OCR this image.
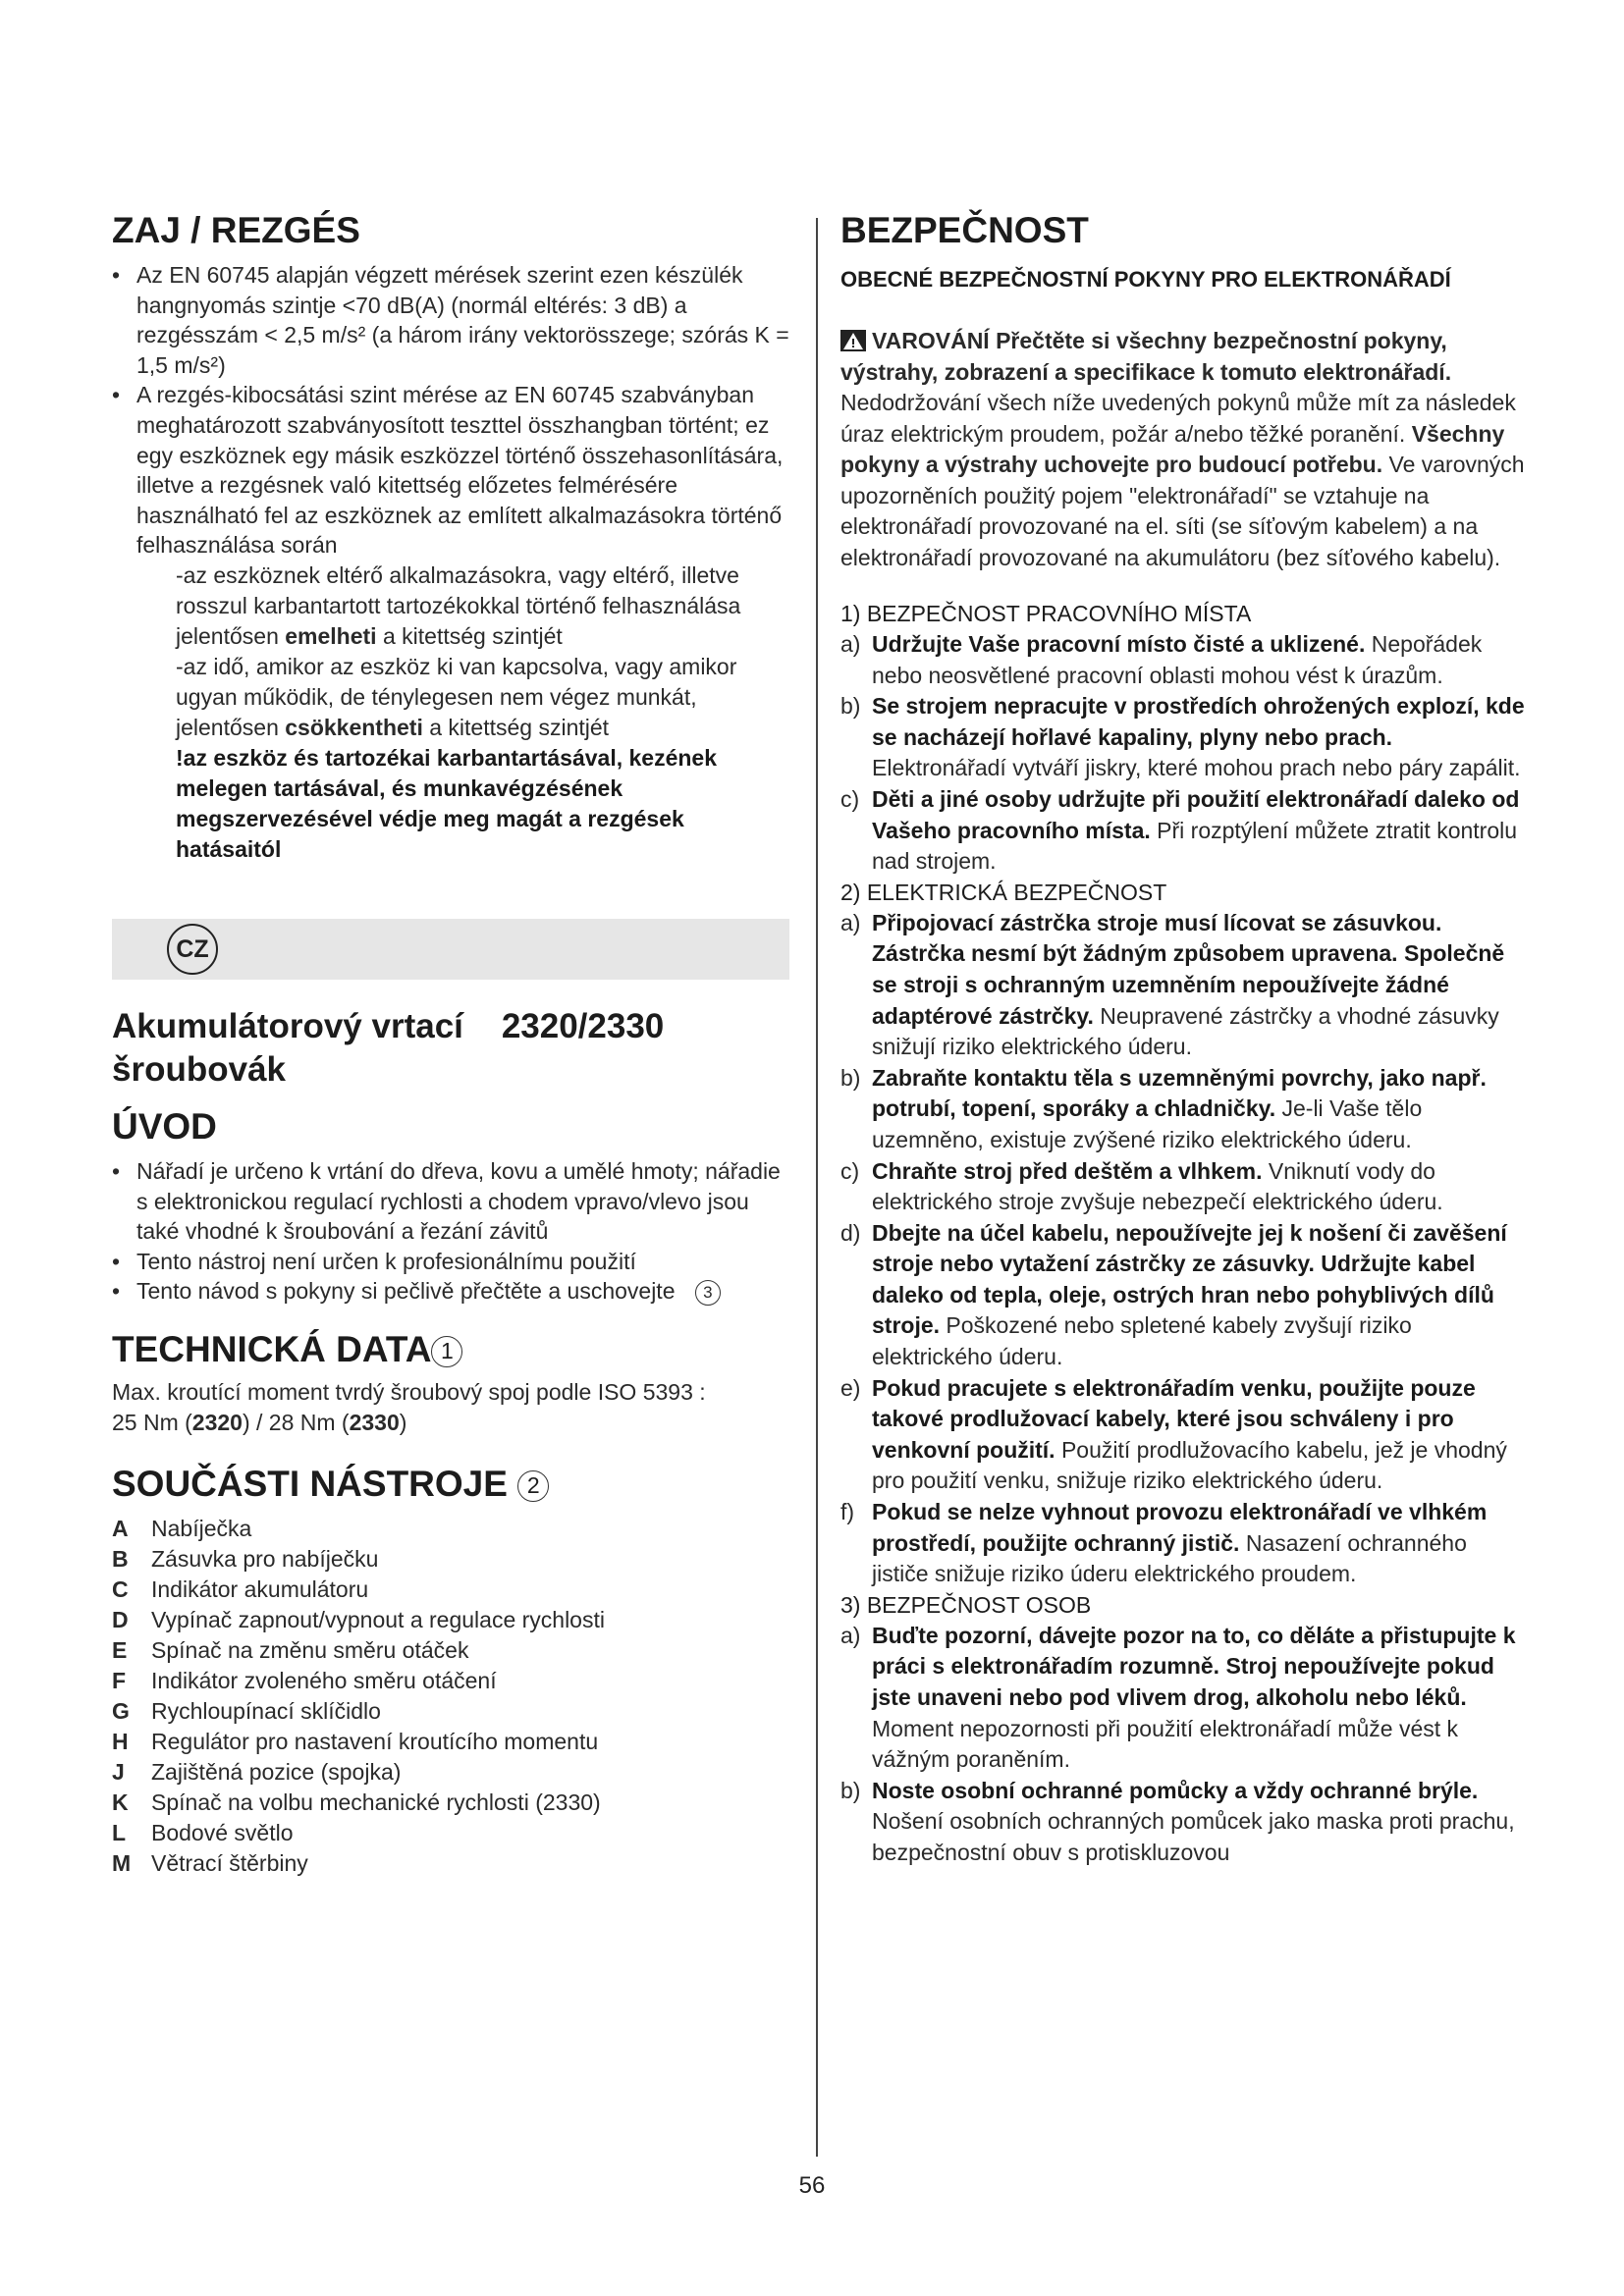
ZAJ / REZGÉS
• Az EN 60745 alapján végzett mérések szerint ezen készülék hangnyomás szintje <70 dB(A) (normál eltérés: 3 dB) a rezgésszám < 2,5 m/s² (a három irány vektorösszege; szórás K = 1,5 m/s²)
• A rezgés-kibocsátási szint mérése az EN 60745 szabványban meghatározott szabványosított teszttel összhangban történt; ez egy eszköznek egy másik eszközzel történő összehasonlítására, illetve a rezgésnek való kitettség előzetes felmérésére használható fel az eszköznek az említett alkalmazásokra történő felhasználása során
-az eszköznek eltérő alkalmazásokra, vagy eltérő, illetve rosszul karbantartott tartozékokkal történő felhasználása jelentősen emelheti a kitettség szintjét
-az idő, amikor az eszköz ki van kapcsolva, vagy amikor ugyan működik, de ténylegesen nem végez munkát, jelentősen csökkentheti a kitettség szintjét
!az eszköz és tartozékai karbantartásával, kezének melegen tartásával, és munkavégzésének megszervezésével védje meg magát a rezgések hatásaitól
CZ
Akumulátorový vrtací 2320/2330
šroubovák
ÚVOD
• Nářadí je určeno k vrtání do dřeva, kovu a umělé hmoty; nářadie s elektronickou regulací rychlosti a chodem vpravo/vlevo jsou také vhodné k šroubování a řezání závitů
• Tento nástroj není určen k profesionálnímu použití
• Tento návod s pokyny si pečlivě přečtěte a uschovejte 3
TECHNICKÁ DATA 1
Max. kroutící moment tvrdý šroubový spoj podle ISO 5393 :
25 Nm (2320) / 28 Nm (2330)
SOUČÁSTI NÁSTROJE 2
A	Nabíječka
B	Zásuvka pro nabíječku
C	Indikátor akumulátoru
D	Vypínač zapnout/vypnout a regulace rychlosti
E	Spínač na změnu směru otáček
F	Indikátor zvoleného směru otáčení
G Rychloupínací sklíčidlo
H	Regulátor pro nastavení kroutícího momentu
J	Zajištěná pozice (spojka)
K	Spínač na volbu mechanické rychlosti (2330)
L	Bodové světlo
M Větrací štěrbiny
BEZPEČNOST
OBECNÉ BEZPEČNOSTNÍ POKYNY PRO ELEKTRONÁŘADÍ
VAROVÁNÍ Přečtěte si všechny bezpečnostní pokyny, výstrahy, zobrazení a specifikace k tomuto elektronářadí. Nedodržování všech níže uvedených pokynů může mít za následek úraz elektrickým proudem, požár a/nebo těžké poranění. Všechny pokyny a výstrahy uchovejte pro budoucí potřebu. Ve varovných upozorněních použitý pojem "elektronářadí" se vztahuje na elektronářadí provozované na el. síti (se síťovým kabelem) a na elektronářadí provozované na akumulátoru (bez síťového kabelu).
1) BEZPEČNOST PRACOVNÍHO MÍSTA
a) Udržujte Vaše pracovní místo čisté a uklizené. Nepořádek nebo neosvětlené pracovní oblasti mohou vést k úrazům.
b) Se strojem nepracujte v prostředích ohrožených explozí, kde se nacházejí hořlavé kapaliny, plyny nebo prach. Elektronářadí vytváří jiskry, které mohou prach nebo páry zapálit.
c) Děti a jiné osoby udržujte při použití elektronářadí daleko od Vašeho pracovního místa. Při rozptýlení můžete ztratit kontrolu nad strojem.
2) ELEKTRICKÁ BEZPEČNOST
a) Připojovací zástrčka stroje musí lícovat se zásuvkou. Zástrčka nesmí být žádným způsobem upravena. Společně se stroji s ochranným uzemněním nepoužívejte žádné adaptérové zástrčky. Neupravené zástrčky a vhodné zásuvky snižují riziko elektrického úderu.
b) Zabraňte kontaktu těla s uzemněnými povrchy, jako např. potrubí, topení, sporáky a chladničky. Je-li Vaše tělo uzemněno, existuje zvýšené riziko elektrického úderu.
c) Chraňte stroj před deštěm a vlhkem. Vniknutí vody do elektrického stroje zvyšuje nebezpečí elektrického úderu.
d) Dbejte na účel kabelu, nepoužívejte jej k nošení či zavěšení stroje nebo vytažení zástrčky ze zásuvky. Udržujte kabel daleko od tepla, oleje, ostrých hran nebo pohyblivých dílů stroje. Poškozené nebo spletené kabely zvyšují riziko elektrického úderu.
e) Pokud pracujete s elektronářadím venku, použijte pouze takové prodlužovací kabely, které jsou schváleny i pro venkovní použití. Použití prodlužovacího kabelu, jež je vhodný pro použití venku, snižuje riziko elektrického úderu.
f) Pokud se nelze vyhnout provozu elektronářadí ve vlhkém prostředí, použijte ochranný jistič. Nasazení ochranného jističe snižuje riziko úderu elektrického proudem.
3) BEZPEČNOST OSOB
a) Buďte pozorní, dávejte pozor na to, co děláte a přistupujte k práci s elektronářadím rozumně. Stroj nepoužívejte pokud jste unaveni nebo pod vlivem drog, alkoholu nebo léků. Moment nepozornosti při použití elektronářadí může vést k vážným poraněním.
b) Noste osobní ochranné pomůcky a vždy ochranné brýle. Nošení osobních ochranných pomůcek jako maska proti prachu, bezpečnostní obuv s protiskluzovou
56
